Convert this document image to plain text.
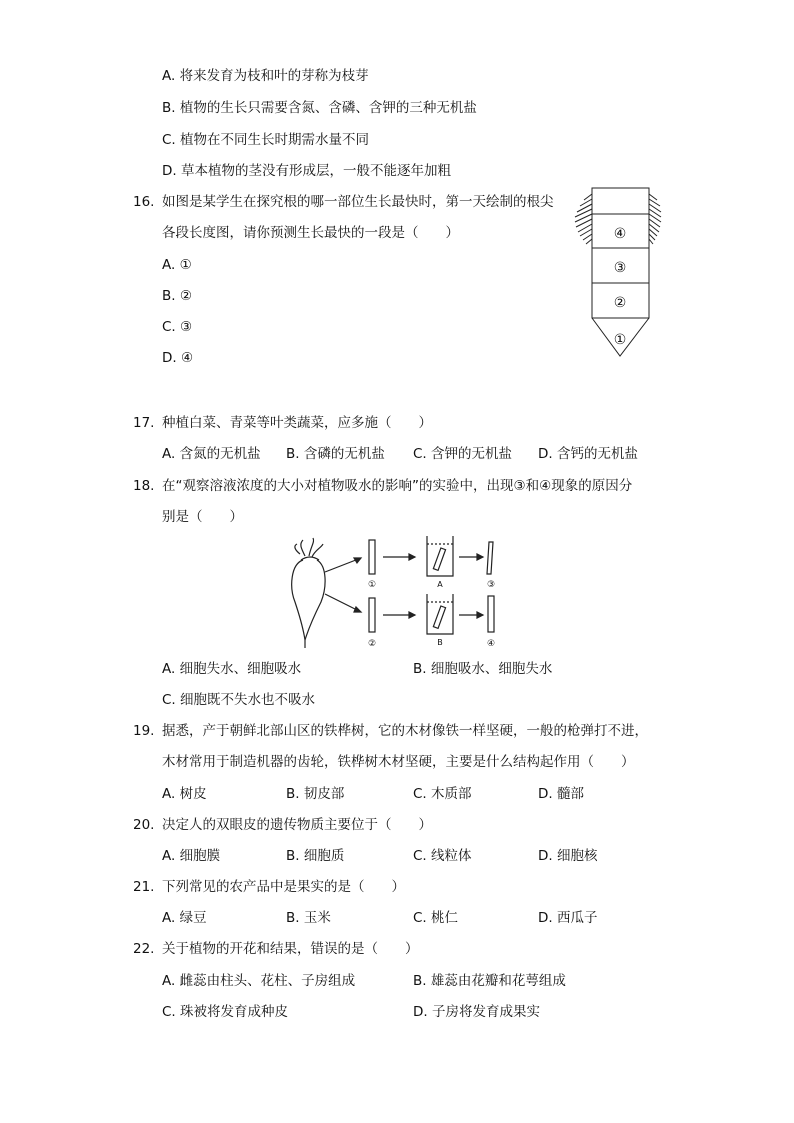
A. 将来发育为枝和叶的芽称为枝芽
B. 植物的生长只需要含氮、含磷、含钾的三种无机盐
C. 植物在不同生长时期需水量不同
D. 草本植物的茎没有形成层，一般不能逐年加粗
16. 如图是某学生在探究根的哪一部位生长最快时，第一天绘制的根尖
各段长度图，请你预测生长最快的一段是（　　）
A. ①
B. ②
C. ③
D. ④
④
③
②
①
17. 种植白菜、青菜等叶类蔬菜，应多施（　　）
A. 含氮的无机盐 B. 含磷的无机盐 C. 含钾的无机盐 D. 含钙的无机盐
18. 在“观察溶液浓度的大小对植物吸水的影响”的实验中，出现③和④现象的原因分
别是（　　）
①
②
A
B
③
④
A. 细胞失水、细胞吸水	B. 细胞吸水、细胞失水
C. 细胞既不失水也不吸水
19. 据悉，产于朝鲜北部山区的铁桦树，它的木材像铁一样坚硬，一般的枪弹打不进，
木材常用于制造机器的齿轮，铁桦树木材坚硬，主要是什么结构起作用（　　）
A. 树皮	B. 韧皮部	C. 木质部	D. 髓部
20. 决定人的双眼皮的遗传物质主要位于（　　）
A. 细胞膜	B. 细胞质	C. 线粒体	D. 细胞核
21. 下列常见的农产品中是果实的是（　　）
A. 绿豆	B. 玉米	C. 桃仁	D. 西瓜子
22. 关于植物的开花和结果，错误的是（　　）
A. 雌蕊由柱头、花柱、子房组成	B. 雄蕊由花瓣和花萼组成
C. 珠被将发育成种皮	D. 子房将发育成果实
